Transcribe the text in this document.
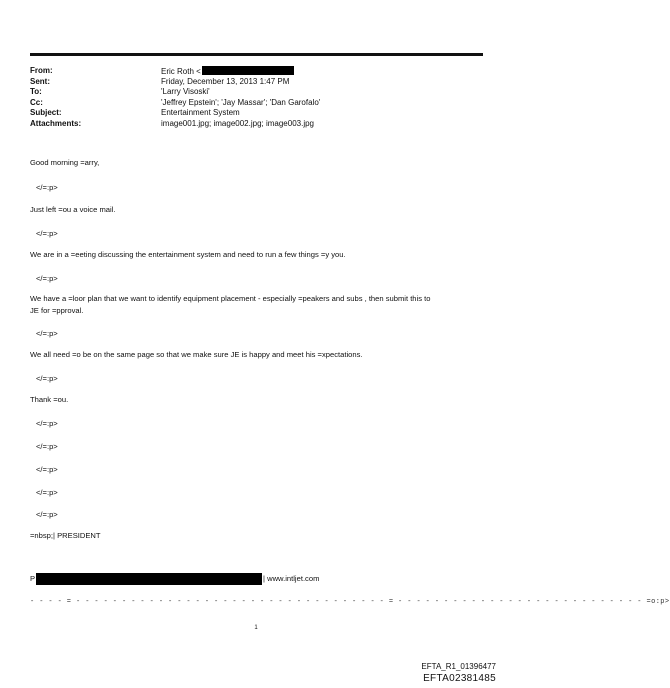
From:	Eric Roth <
Sent:	Friday, December 13, 2013 1:47 PM
To:	'Larry Visoski'
Cc:	'Jeffrey Epstein'; 'Jay Massar'; 'Dan Garofalo'
Subject:	Entertainment System
Attachments:	image001.jpg; image002.jpg; image003.jpg
Good morning =arry,
</=:p>
Just left =ou a voice mail.
</=:p>
We are in a =eeting discussing the entertainment system and need to run a few things =y you.
</=:p>
We have a =loor plan that we want to identify equipment placement - especially =peakers and subs , then submit this to
JE for =pproval.
</=:p>
We all need =o be on the same page so that we make sure JE is happy and meet his =xpectations.
</=:p>
Thank =ou.
</=:p>
</=:p>
</=:p>
</=:p>
</=:p>
=nbsp;| PRESIDENT
P	| www.intljet.com
- - - - = - - - - - - - - - - - - - - - - - - - - - - - - - - - - - - - - - - = - - - - - - - - - - - - - - - - - - - - - - - - - - - =o:p>
1
EFTA_R1_01396477
EFTA02381485
